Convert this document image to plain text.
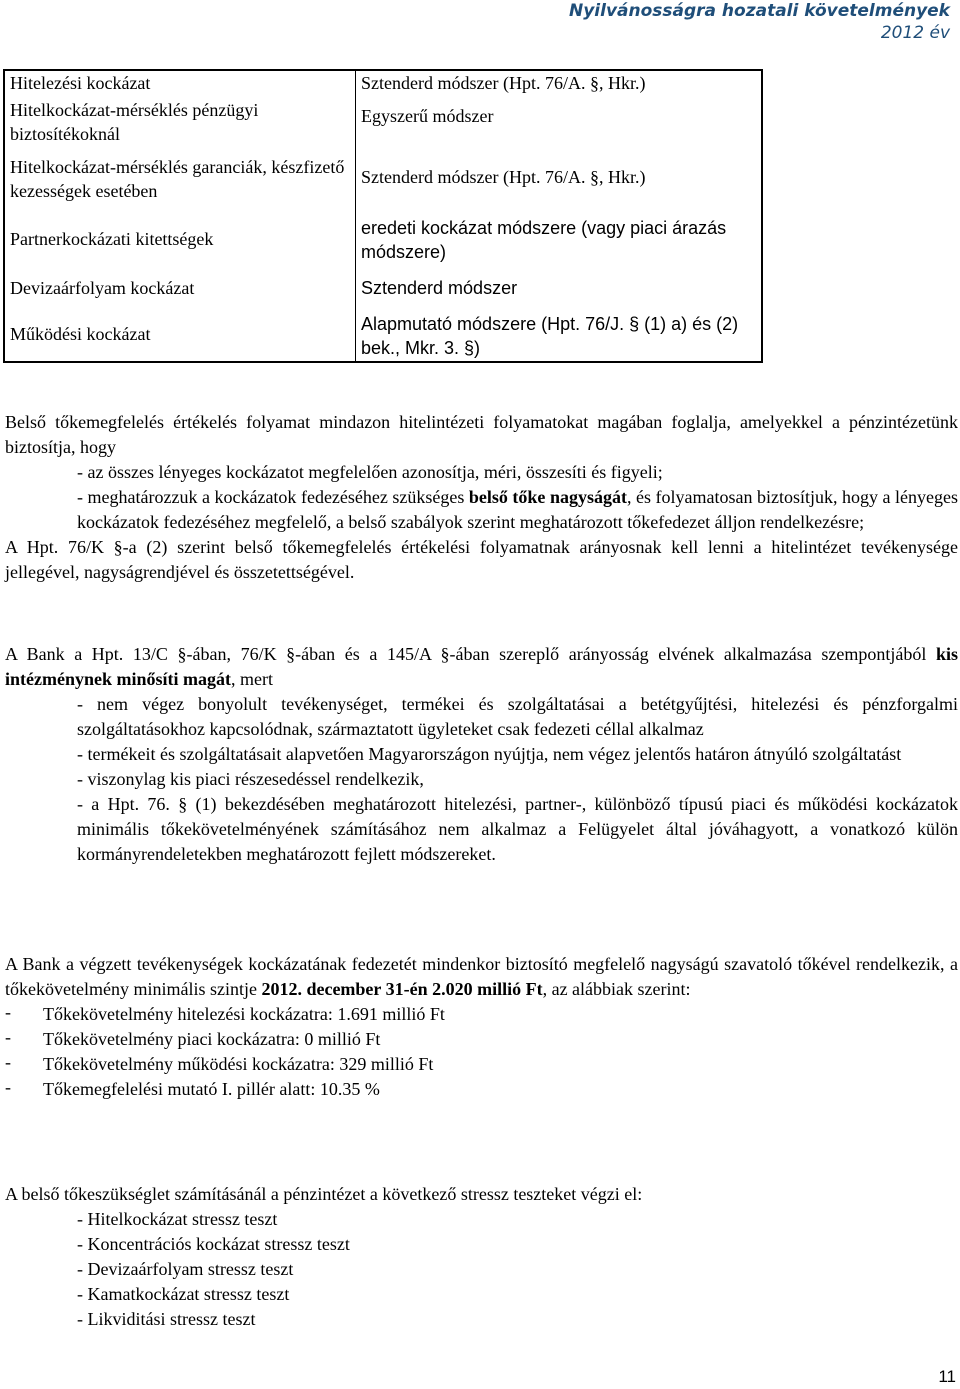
Nyilvánosságra hozatali követelmények
2012 év
Hitelezési kockázat	Sztenderd módszer (Hpt. 76/A. §, Hkr.)
Hitelkockázat-mérséklés pénzügyi biztosítékoknál	Egyszerű módszer
Hitelkockázat-mérséklés garanciák, készfizető kezességek esetében	Sztenderd módszer (Hpt. 76/A. §, Hkr.)
Partnerkockázati kitettségek	eredeti kockázat módszere (vagy piaci árazás módszere)
Devizaárfolyam kockázat	Sztenderd módszer
Működési kockázat	Alapmutató módszere (Hpt. 76/J. § (1) a) és (2) bek., Mkr. 3. §)

Belső tőkemegfelelés értékelés folyamat mindazon hitelintézeti folyamatokat magában foglalja, amelyekkel a pénzintézetünk biztosítja, hogy

- az összes lényeges kockázatot megfelelően azonosítja, méri, összesíti és figyeli;

- meghatározzuk a kockázatok fedezéséhez szükséges belső tőke nagyságát, és folyamatosan biztosítjuk, hogy a lényeges kockázatok fedezéséhez megfelelő, a belső szabályok szerint meghatározott tőkefedezet álljon rendelkezésre;

A Hpt. 76/K §-a (2) szerint belső tőkemegfelelés értékelési folyamatnak arányosnak kell lenni a hitelintézet tevékenysége jellegével, nagyságrendjével és összetettségével.

A Bank a Hpt. 13/C §-ában, 76/K §-ában és a 145/A §-ában szereplő arányosság elvének alkalmazása szempontjából kis intézménynek minősíti magát, mert

- nem végez bonyolult tevékenységet, termékei és szolgáltatásai a betétgyűjtési, hitelezési és pénzforgalmi szolgáltatásokhoz kapcsolódnak, származtatott ügyleteket csak fedezeti céllal alkalmaz

- termékeit és szolgáltatásait alapvetően Magyarországon nyújtja, nem végez jelentős határon átnyúló szolgáltatást

- viszonylag kis piaci részesedéssel rendelkezik,

- a Hpt. 76. § (1) bekezdésében meghatározott hitelezési, partner-, különböző típusú piaci és működési kockázatok minimális tőkekövetelményének számításához nem alkalmaz a Felügyelet által jóváhagyott, a vonatkozó külön kormányrendeletekben meghatározott fejlett módszereket.

A Bank a végzett tevékenységek kockázatának fedezetét mindenkor biztosító megfelelő nagyságú szavatoló tőkével rendelkezik, a tőkekövetelmény minimális szintje 2012. december 31-én 2.020 millió Ft, az alábbiak szerint:

-	Tőkekövetelmény hitelezési kockázatra: 1.691 millió Ft

-	Tőkekövetelmény piaci kockázatra: 0 millió Ft

-	Tőkekövetelmény működési kockázatra: 329 millió Ft

-	Tőkemegfelelési mutató I. pillér alatt: 10.35 %

A belső tőkeszükséglet számításánál a pénzintézet a következő stressz teszteket végzi el:

- Hitelkockázat stressz teszt

- Koncentrációs kockázat stressz teszt

- Devizaárfolyam stressz teszt

- Kamatkockázat stressz teszt

- Likviditási stressz teszt

11
